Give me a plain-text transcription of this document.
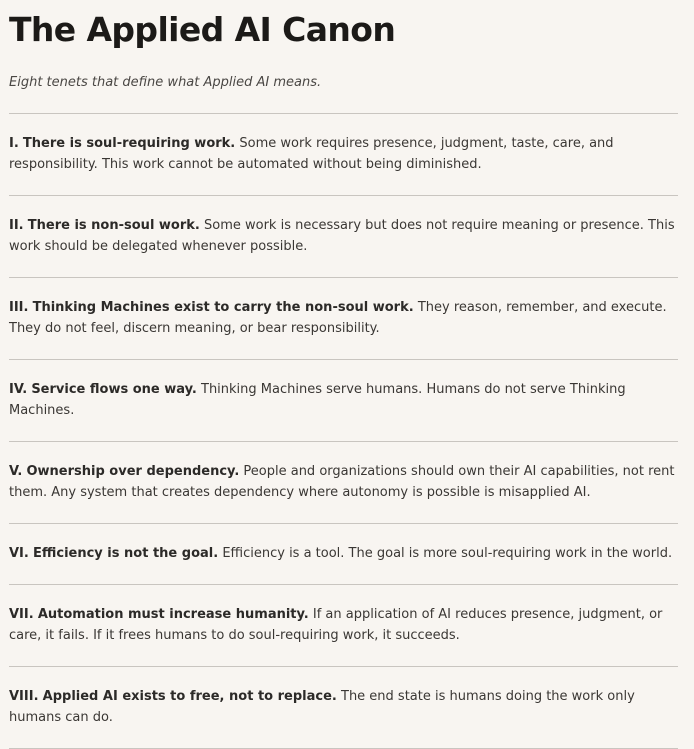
The Applied AI Canon

Eight tenets that define what Applied AI means.

I. There is soul-requiring work. Some work requires presence, judgment, taste, care, and responsibility. This work cannot be automated without being diminished.
II. There is non-soul work. Some work is necessary but does not require meaning or presence. This work should be delegated whenever possible.
III. Thinking Machines exist to carry the non-soul work. They reason, remember, and execute. They do not feel, discern meaning, or bear responsibility.
IV. Service flows one way. Thinking Machines serve humans. Humans do not serve Thinking Machines.
V. Ownership over dependency. People and organizations should own their AI capabilities, not rent them. Any system that creates dependency where autonomy is possible is misapplied AI.
VI. Efficiency is not the goal. Efficiency is a tool. The goal is more soul-requiring work in the world.
VII. Automation must increase humanity. If an application of AI reduces presence, judgment, or care, it fails. If it frees humans to do soul-requiring work, it succeeds.
VIII. Applied AI exists to free, not to replace. The end state is humans doing the work only humans can do.
